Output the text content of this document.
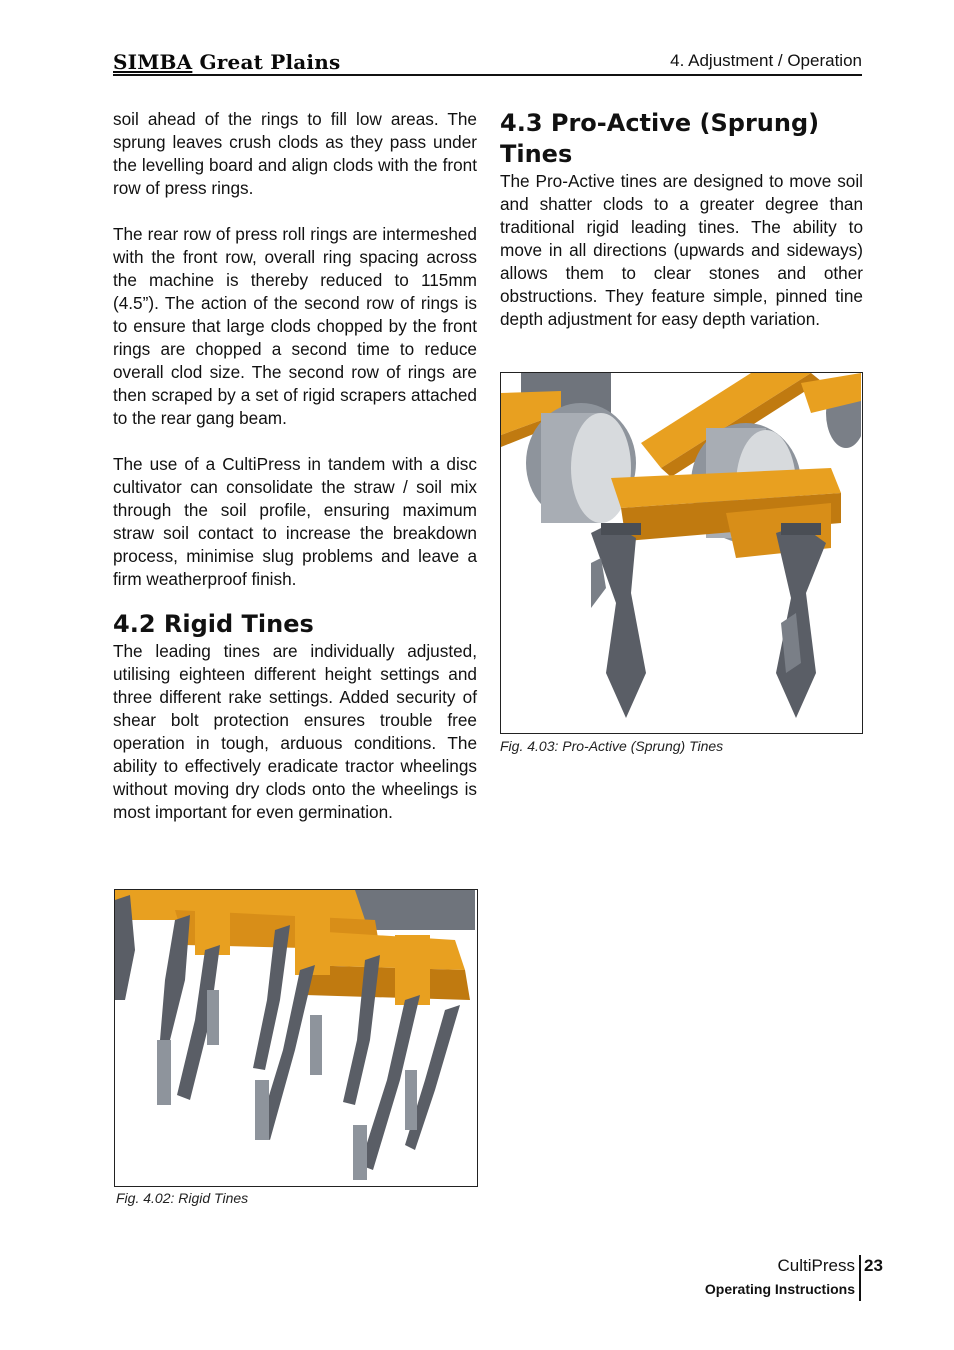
SIMBA Great Plains	4. Adjustment / Operation

soil ahead of the rings to fill low areas. The sprung leaves crush clods as they pass under the levelling board and align clods with the front row of press rings.

The rear row of press roll rings are intermeshed with the front row, overall ring spacing across the machine is thereby reduced to 115mm (4.5”). The action of the second row of rings is to ensure that large clods chopped by the front rings are chopped a second time to reduce overall clod size. The second row of rings are then scraped by a set of rigid scrapers attached to the rear gang beam.

The use of a CultiPress in tandem with a disc cultivator can consolidate the straw / soil mix through the soil profile, ensuring maximum straw soil contact to increase the breakdown process, minimise slug problems and leave a firm weatherproof finish.

4.2 Rigid Tines

The leading tines are individually adjusted, utilising eighteen different height settings and three different rake settings. Added security of shear bolt protection ensures trouble free operation in tough, arduous conditions. The ability to effectively eradicate tractor wheelings without moving dry clods onto the wheelings is most important for even germination.

4.3 Pro-Active (Sprung) Tines

The Pro-Active tines are designed to move soil and shatter clods to a greater degree than traditional rigid leading tines. The ability to move in all directions (upwards and sideways) allows them to clear stones and other obstructions. They feature simple, pinned tine depth adjustment for easy depth variation.

Fig. 4.03: Pro-Active (Sprung) Tines
Fig. 4.02: Rigid Tines
CultiPress 23
Operating Instructions
